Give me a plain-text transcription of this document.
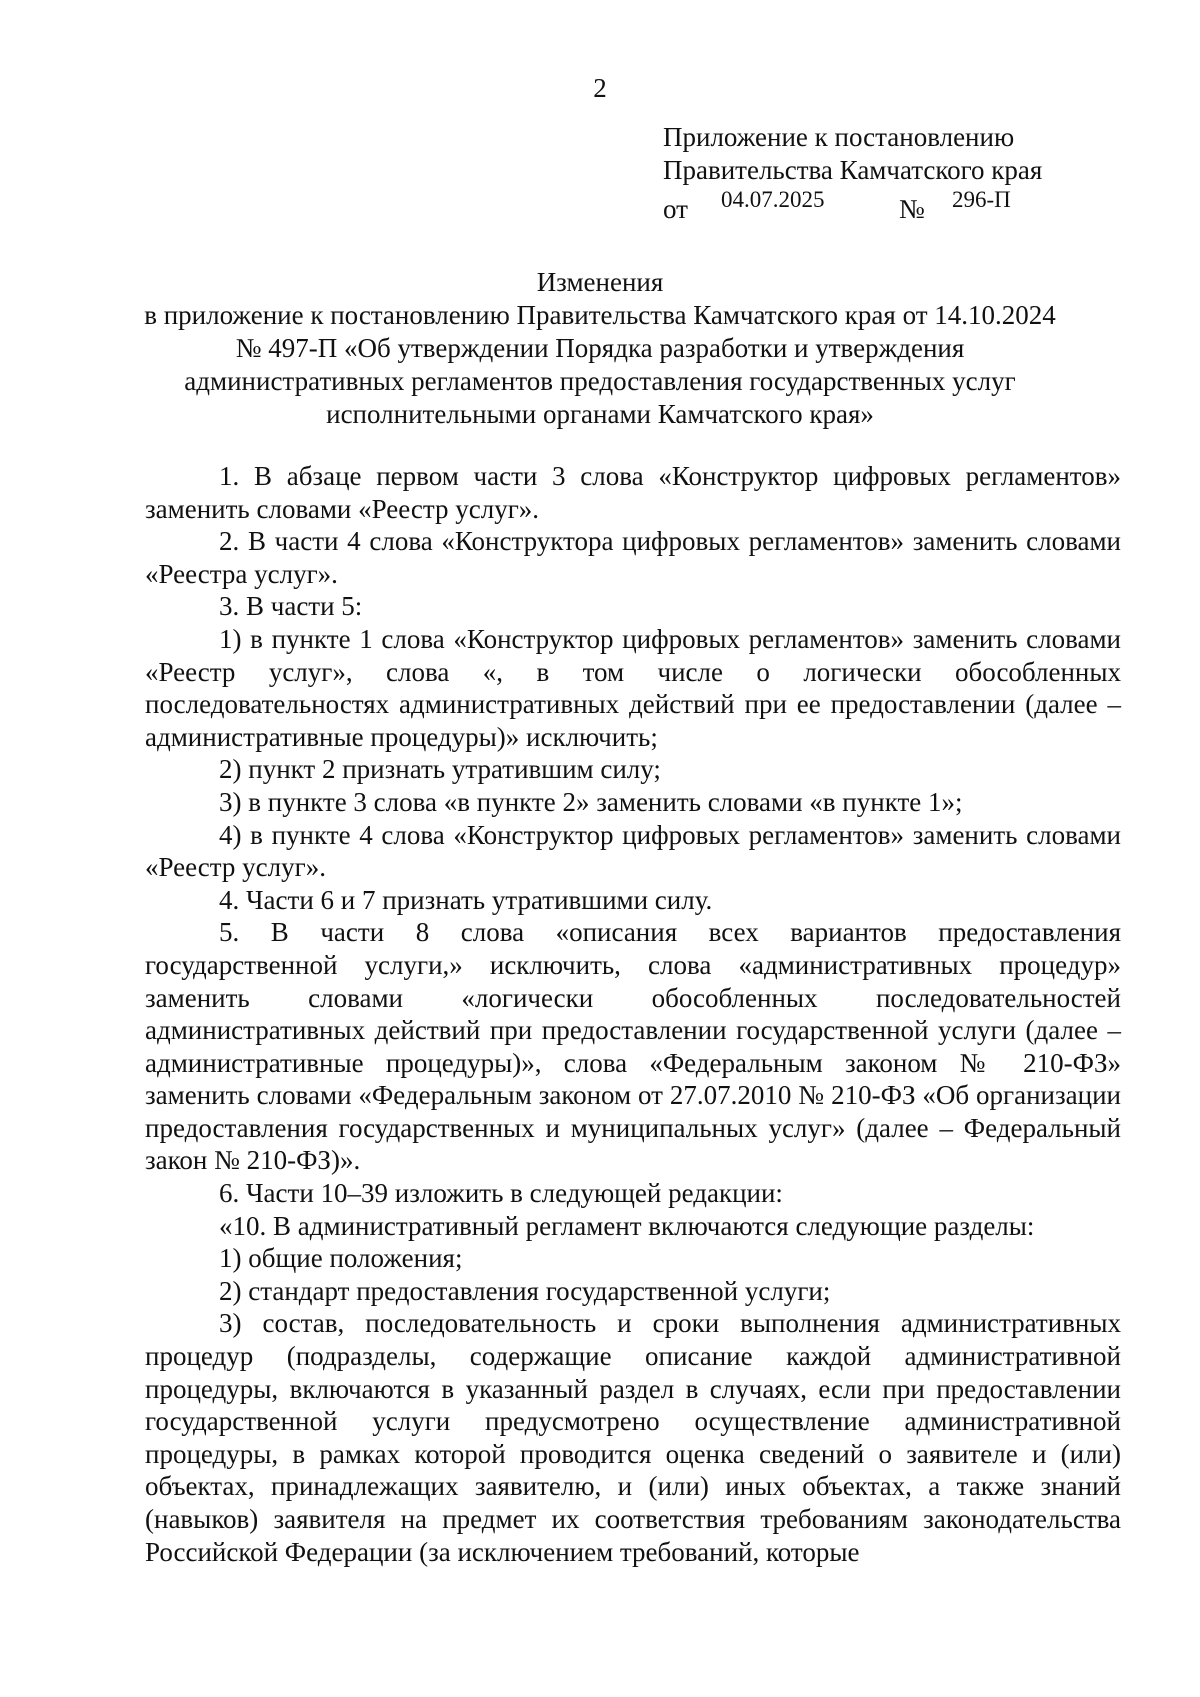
2
Приложение к постановлению
Правительства Камчатского края
от 04.07.2025	№ 296-П
Изменения
в приложение к постановлению Правительства Камчатского края от 14.10.2024
№ 497-П «Об утверждении Порядка разработки и утверждения
административных регламентов предоставления государственных услуг
исполнительными органами Камчатского края»

1. В абзаце первом части 3 слова «Конструктор цифровых регламентов» заменить словами «Реестр услуг».

2. В части 4 слова «Конструктора цифровых регламентов» заменить словами «Реестра услуг».

3. В части 5:

1) в пункте 1 слова «Конструктор цифровых регламентов» заменить словами «Реестр услуг», слова «, в том числе о логически обособленных последовательностях административных действий при ее предоставлении (далее – административные процедуры)» исключить;

2) пункт 2 признать утратившим силу;

3) в пункте 3 слова «в пункте 2» заменить словами «в пункте 1»;

4) в пункте 4 слова «Конструктор цифровых регламентов» заменить словами «Реестр услуг».

4. Части 6 и 7 признать утратившими силу.

5. В части 8 слова «описания всех вариантов предоставления государственной услуги,» исключить, слова «административных процедур» заменить словами «логически обособленных последовательностей административных действий при предоставлении государственной услуги (далее – административные процедуры)», слова «Федеральным законом № 210-ФЗ» заменить словами «Федеральным законом от 27.07.2010 № 210-ФЗ «Об организации предоставления государственных и муниципальных услуг» (далее – Федеральный закон № 210-ФЗ)».

6. Части 10–39 изложить в следующей редакции:

«10. В административный регламент включаются следующие разделы:

1) общие положения;

2) стандарт предоставления государственной услуги;

3) состав, последовательность и сроки выполнения административных процедур (подразделы, содержащие описание каждой административной процедуры, включаются в указанный раздел в случаях, если при предоставлении государственной услуги предусмотрено осуществление административной процедуры, в рамках которой проводится оценка сведений о заявителе и (или) объектах, принадлежащих заявителю, и (или) иных объектах, а также знаний (навыков) заявителя на предмет их соответствия требованиям законодательства Российской Федерации (за исключением требований, которые
